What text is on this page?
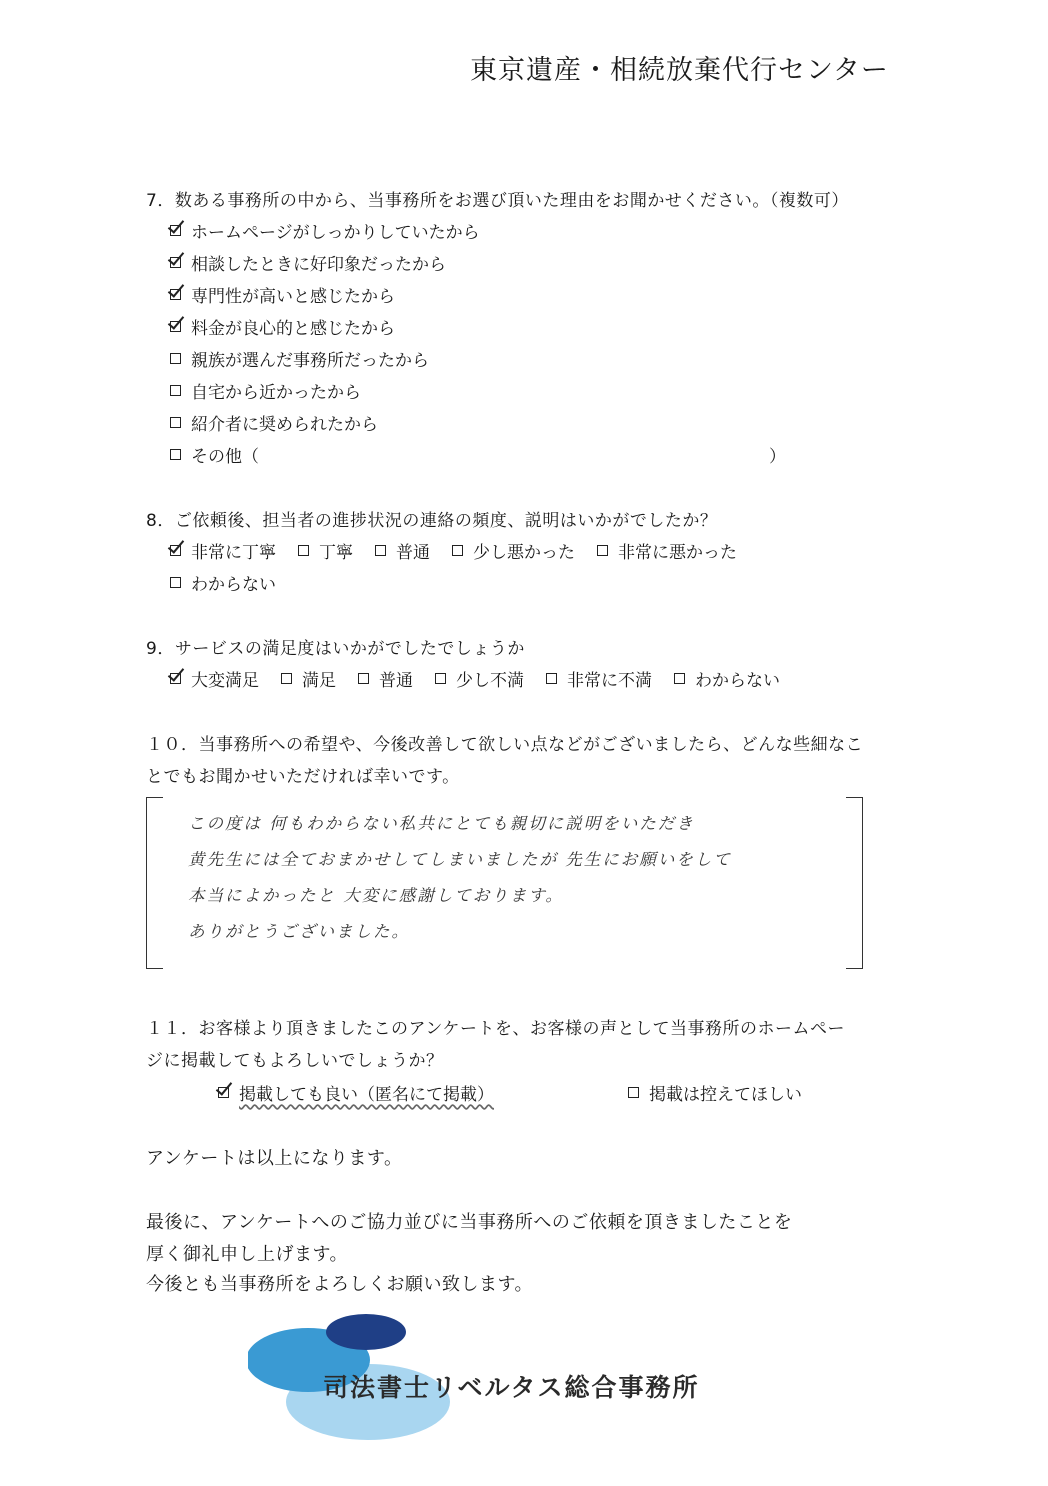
東京遺産・相続放棄代行センター
7．数ある事務所の中から、当事務所をお選び頂いた理由をお聞かせください。（複数可）
ホームページがしっかりしていたから
相談したときに好印象だったから
専門性が高いと感じたから
料金が良心的と感じたから
親族が選んだ事務所だったから
自宅から近かったから
紹介者に奨められたから
その他（	）
8．ご依頼後、担当者の進捗状況の連絡の頻度、説明はいかがでしたか？
非常に丁寧	丁寧	普通	少し悪かった	非常に悪かった
わからない
9．サービスの満足度はいかがでしたでしょうか
大変満足	満足	普通	少し不満	非常に不満	わからない
１０．当事務所への希望や、今後改善して欲しい点などがございましたら、どんな些細なこ
とでもお聞かせいただければ幸いです。
この度は 何もわからない私共にとても親切に説明をいただき
黄先生には全ておまかせしてしまいましたが 先生にお願いをして
本当によかったと 大変に感謝しております。
ありがとうございました。
１１．お客様より頂きましたこのアンケートを、お客様の声として当事務所のホームペー
ジに掲載してもよろしいでしょうか？
掲載しても良い（匿名にて掲載）	掲載は控えてほしい
アンケートは以上になります。
最後に、アンケートへのご協力並びに当事務所へのご依頼を頂きましたことを
厚く御礼申し上げます。
今後とも当事務所をよろしくお願い致します。
司法書士リベルタス総合事務所
